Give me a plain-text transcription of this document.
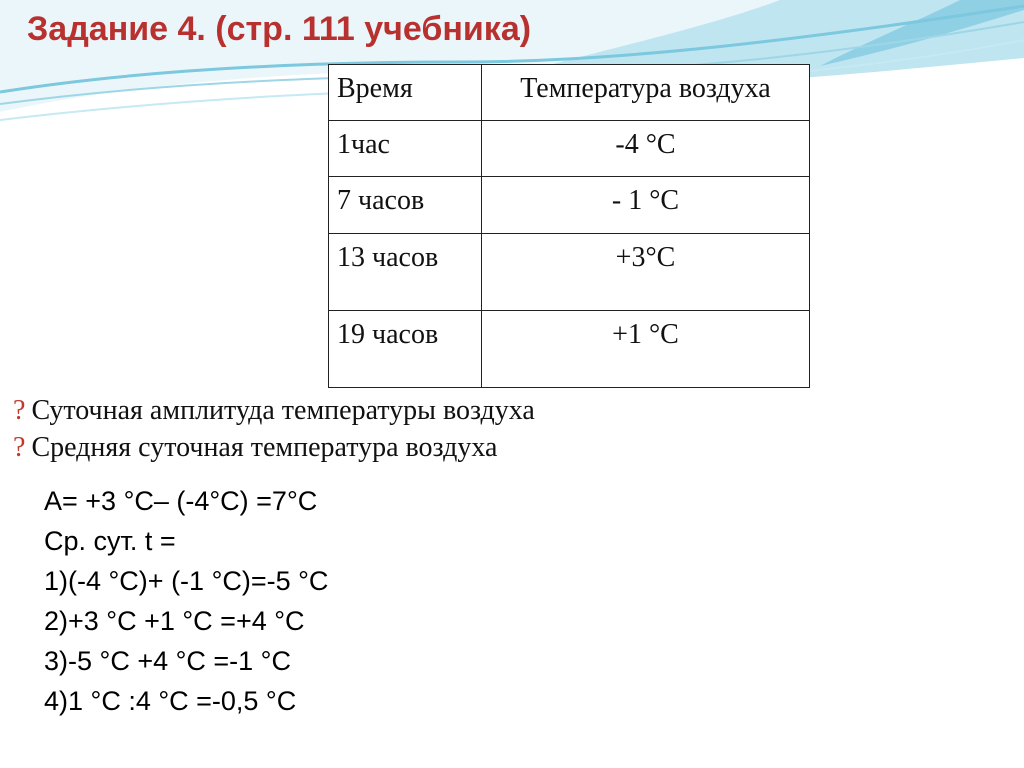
Задание 4. (стр. 111 учебника)
Время	Температура воздуха
1час	-4 °С
7 часов	- 1 °С
13 часов	+3°С
19 часов	+1 °С
? Суточная амплитуда температуры воздуха
? Средняя суточная температура воздуха
А= +3 °С– (-4°С) =7°С
Ср. сут. t =
1)(-4 °С)+ (-1 °С)=-5 °С
2)+3 °С +1 °С =+4 °С
3)-5 °С +4 °С =-1 °С
4)1 °С :4 °С =-0,5 °С
